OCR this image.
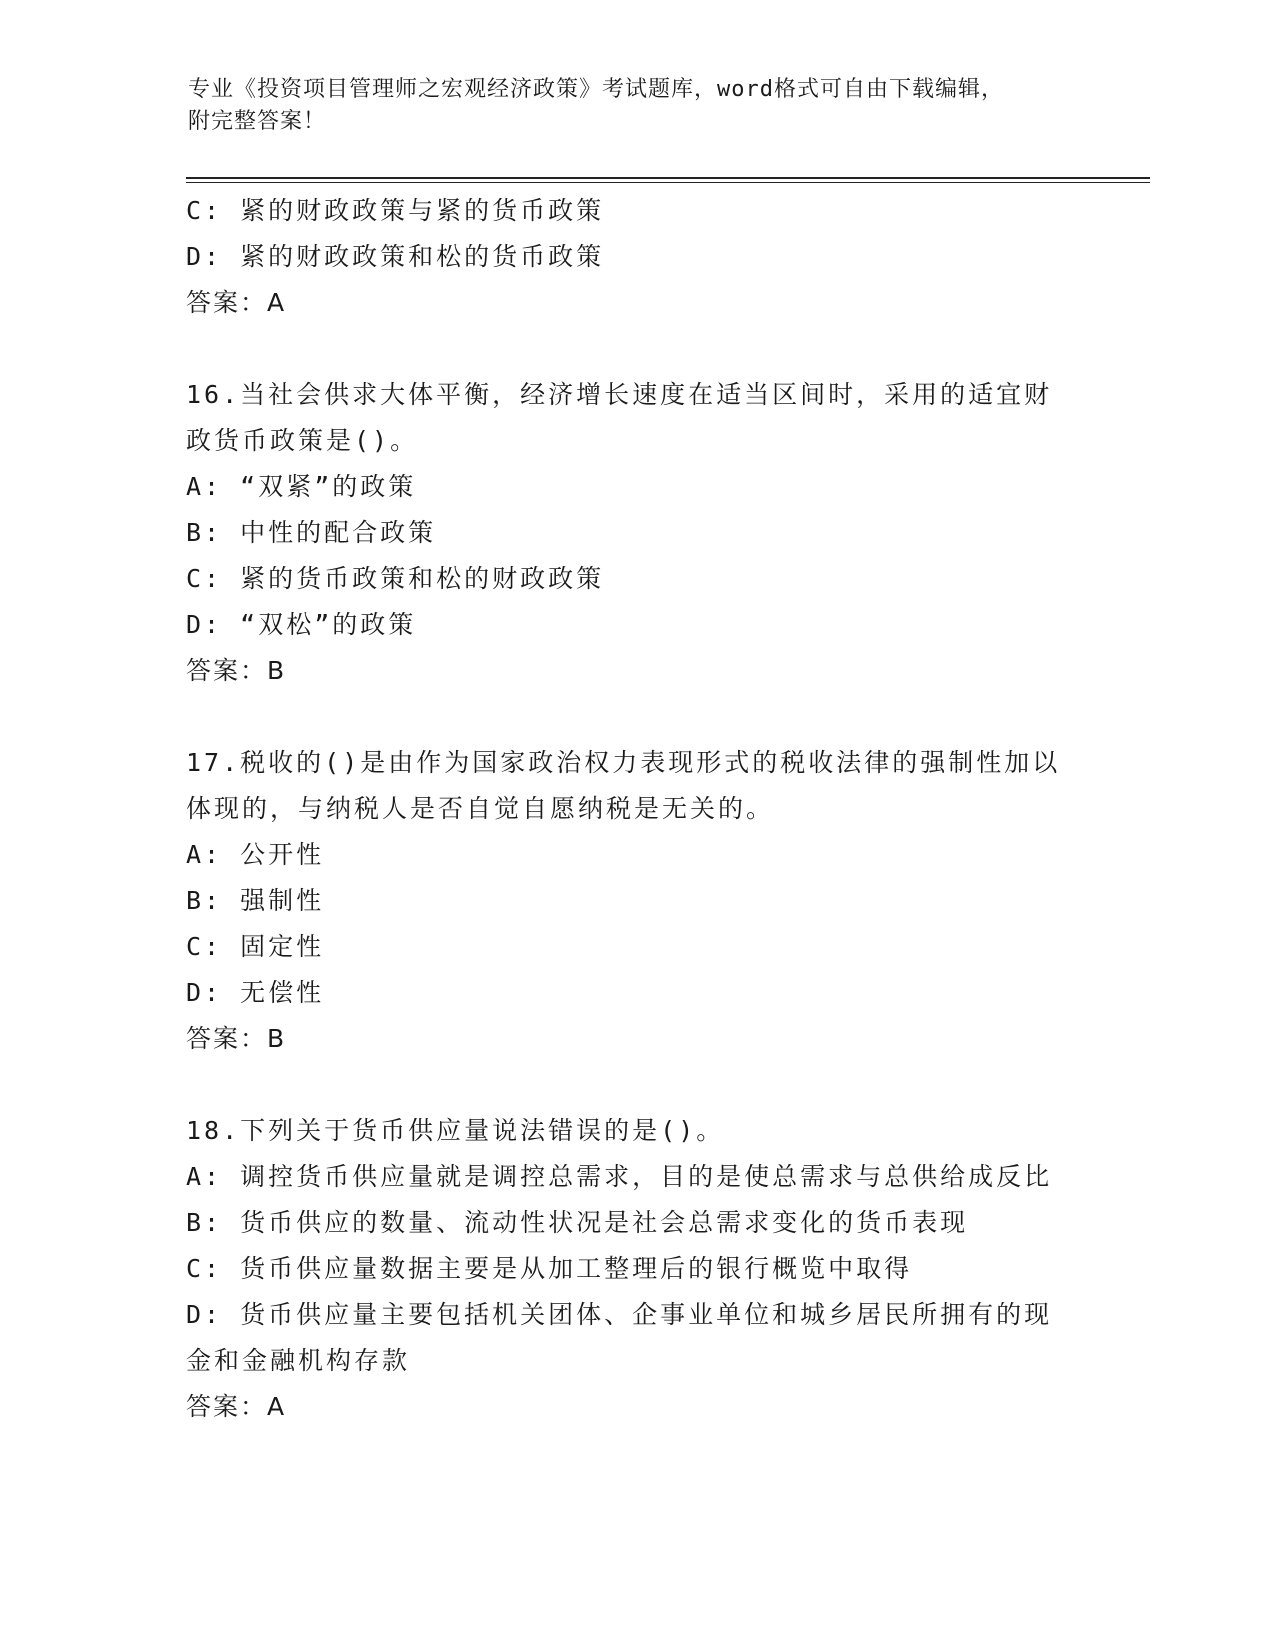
专业《投资项目管理师之宏观经济政策》考试题库，word格式可自由下载编辑，
附完整答案！
C: 紧的财政政策与紧的货币政策
D: 紧的财政政策和松的货币政策
答案：A
16.当社会供求大体平衡，经济增长速度在适当区间时，采用的适宜财
政货币政策是()。
A: “双紧”的政策
B: 中性的配合政策
C: 紧的货币政策和松的财政政策
D: “双松”的政策
答案：B
17.税收的()是由作为国家政治权力表现形式的税收法律的强制性加以
体现的，与纳税人是否自觉自愿纳税是无关的。
A: 公开性
B: 强制性
C: 固定性
D: 无偿性
答案：B
18.下列关于货币供应量说法错误的是()。
A: 调控货币供应量就是调控总需求，目的是使总需求与总供给成反比
B: 货币供应的数量、流动性状况是社会总需求变化的货币表现
C: 货币供应量数据主要是从加工整理后的银行概览中取得
D: 货币供应量主要包括机关团体、企事业单位和城乡居民所拥有的现
金和金融机构存款
答案：A
